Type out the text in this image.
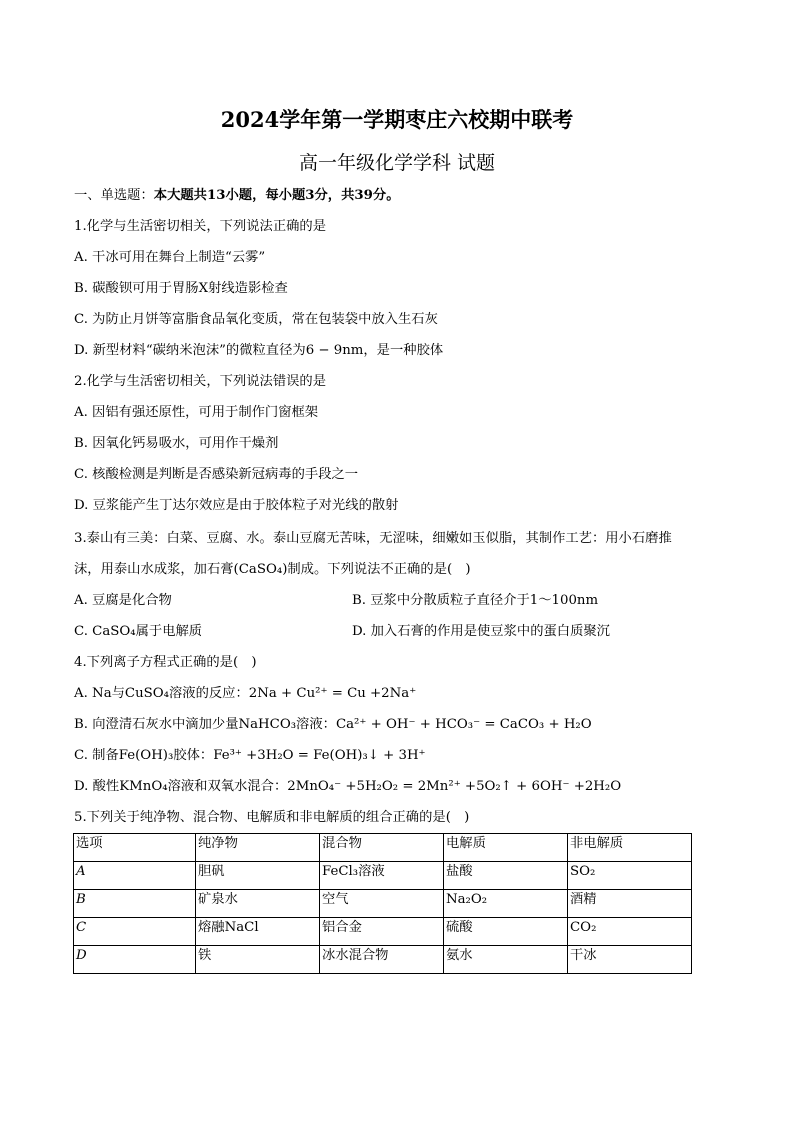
2024学年第一学期枣庄六校期中联考
高一年级化学学科 试题
一、单选题：本大题共13小题，每小题3分，共39分。
1.化学与生活密切相关，下列说法正确的是
A. 干冰可用在舞台上制造“云雾”
B. 碳酸钡可用于胃肠X射线造影检查
C. 为防止月饼等富脂食品氧化变质，常在包装袋中放入生石灰
D. 新型材料“碳纳米泡沫”的微粒直径为6 − 9nm，是一种胶体
2.化学与生活密切相关，下列说法错误的是
A. 因铝有强还原性，可用于制作门窗框架
B. 因氧化钙易吸水，可用作干燥剂
C. 核酸检测是判断是否感染新冠病毒的手段之一
D. 豆浆能产生丁达尔效应是由于胶体粒子对光线的散射
3.泰山有三美：白菜、豆腐、水。泰山豆腐无苦味，无涩味，细嫩如玉似脂，其制作工艺：用小石磨推
沫，用泰山水成浆，加石膏(CaSO₄)制成。下列说法不正确的是(　)
A. 豆腐是化合物	B. 豆浆中分散质粒子直径介于1～100nm
C. CaSO₄属于电解质	D. 加入石膏的作用是使豆浆中的蛋白质聚沉
4.下列离子方程式正确的是(　)
A. Na与CuSO₄溶液的反应：2Na + Cu²⁺ = Cu +2Na⁺
B. 向澄清石灰水中滴加少量NaHCO₃溶液：Ca²⁺ + OH⁻ + HCO₃⁻ = CaCO₃ + H₂O
C. 制备Fe(OH)₃胶体：Fe³⁺ +3H₂O = Fe(OH)₃↓ + 3H⁺
D. 酸性KMnO₄溶液和双氧水混合：2MnO₄⁻ +5H₂O₂ = 2Mn²⁺ +5O₂↑ + 6OH⁻ +2H₂O
5.下列关于纯净物、混合物、电解质和非电解质的组合正确的是(　)
选项	纯净物	混合物	电解质	非电解质
A	胆矾	FeCl₃溶液	盐酸	SO₂
B	矿泉水	空气	Na₂O₂	酒精
C	熔融NaCl	铝合金	硫酸	CO₂
D	铁	冰水混合物	氨水	干冰
